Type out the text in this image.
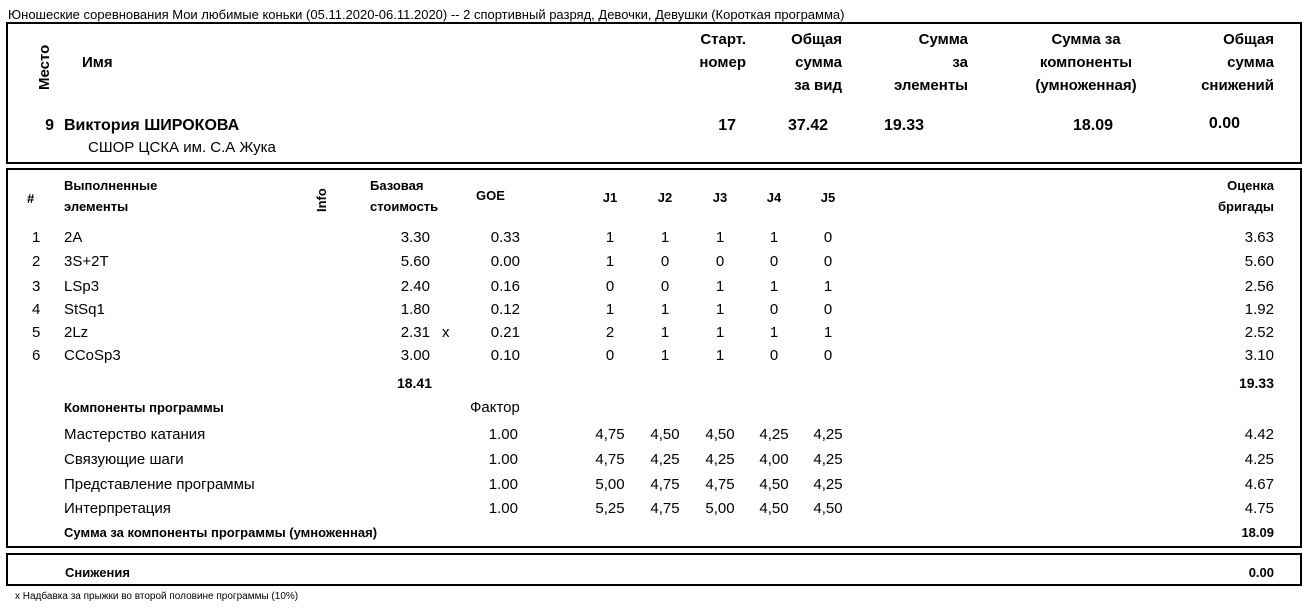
Юношеские соревнования Мои любимые коньки (05.11.2020-06.11.2020) -- 2 спортивный разряд, Девочки, Девушки (Короткая программа)
Место Имя
Старт.
номер
Общая
сумма
за вид
Сумма
за
элементы
Сумма за
компоненты
(умноженная)
Общая
сумма
снижений
9 Виктория ШИРОКОВА
СШОР ЦСКА им. С.А Жука
17	37.42	19.33	18.09	0.00
#
Выполненные
элементы	Info
Базовая
стоимость
GOE	J1	J2	J3	J4	J5
Оценка
бригады
1 2A	3.30	0.33	1	1	1	1	0	3.63
2 3S+2T	5.60	0.00	1	0	0	0	0	5.60
3 LSp3	2.40	0.16	0	0	1	1	1	2.56
4 StSq1	1.80	0.12	1	1	1	0	0	1.92
5 2Lz	2.31 x	0.21	2	1	1	1	1	2.52
6 CCoSp3	3.00	0.10	0	1	1	0	0	3.10
18.41	19.33
Компоненты программы	Фактор
Мастерство катания	1.00	4,75	4,50	4,50	4,25	4,25	4.42
Связующие шаги	1.00	4,75	4,25	4,25	4,00	4,25	4.25
Представление программы	1.00	5,00	4,75	4,75	4,50	4,25	4.67
Интерпретация	1.00	5,25	4,75	5,00	4,50	4,50	4.75
Сумма за компоненты программы (умноженная)	18.09
Снижения	0.00
x Надбавка за прыжки во второй половине программы (10%)
